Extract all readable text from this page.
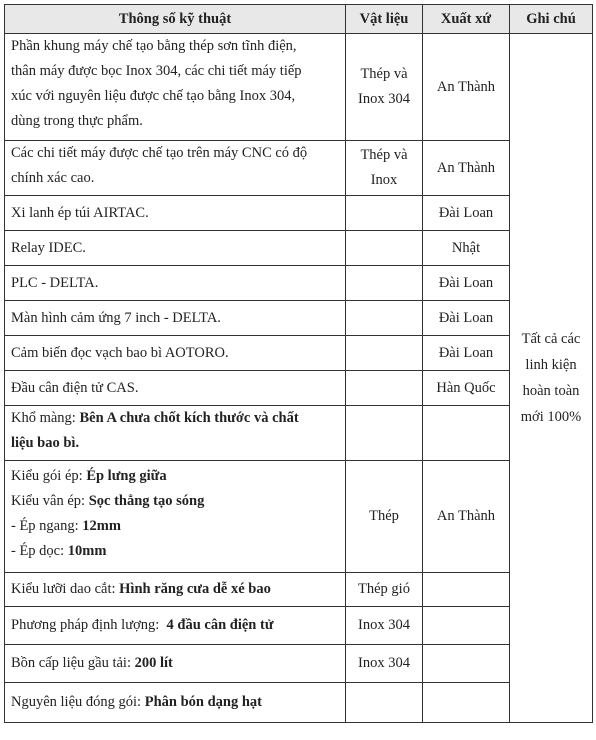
Thông số kỹ thuật	Vật liệu	Xuất xứ	Ghi chú

Phần khung máy chế tạo bằng thép sơn tĩnh điện,
thân máy được bọc Inox 304, các chi tiết máy tiếp
xúc với nguyên liệu được chế tạo bằng Inox 304,
dùng trong thực phẩm.	Thép và
Inox 304	An Thành	Tất cả các
linh kiện
hoàn toàn
mới 100%

Các chi tiết máy được chế tạo trên máy CNC có độ
chính xác cao.	Thép và
Inox	An Thành	
Xi lanh ép túi AIRTAC.		Đài Loan	
Relay IDEC.		Nhật	
PLC - DELTA.		Đài Loan	
Màn hình cảm ứng 7 inch - DELTA.		Đài Loan	
Cảm biến đọc vạch bao bì AOTORO.		Đài Loan	
Đầu cân điện tử CAS.		Hàn Quốc	

Khổ màng: Bên A chưa chốt kích thước và chất
liệu bao bì.			

Kiểu gói ép: Ép lưng giữa
Kiểu vân ép: Sọc thẳng tạo sóng
- Ép ngang: 12mm
- Ép dọc: 10mm	Thép	An Thành	
Kiểu lưỡi dao cắt: Hình răng cưa dễ xé bao	Thép gió		
Phương pháp định lượng:  4 đầu cân điện tử	Inox 304		
Bồn cấp liệu gầu tải: 200 lít	Inox 304		
Nguyên liệu đóng gói: Phân bón dạng hạt			
